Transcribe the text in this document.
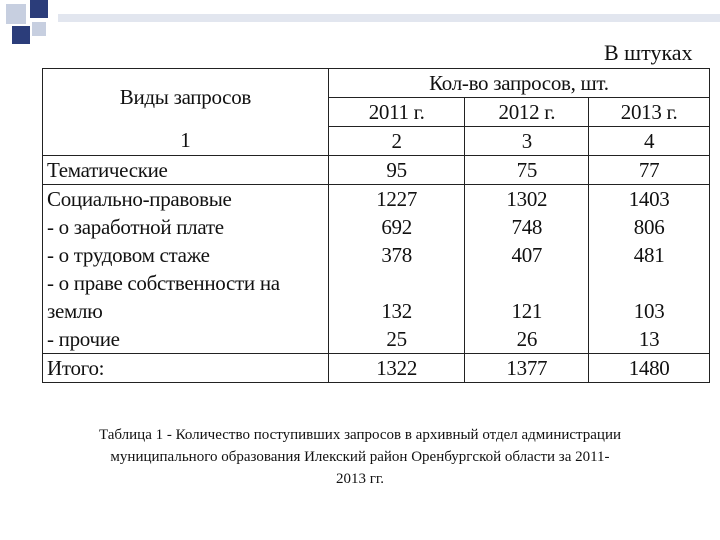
В штуках
Виды запросов	Кол-во запросов, шт.		
	2011 г.	2012 г.	2013 г.
1	2	3	4
Тематические	95	75	77
Социально-правовые	1227	1302	1403
- о заработной плате	692	748	806
- о трудовом стаже	378	407	481
- о праве собственности на			
землю	132	121	103
- прочие	25	26	13
Итого:	1322	1377	1480
Таблица 1 - Количество поступивших запросов в архивный отдел администрации
муниципального образования Илекский район Оренбургской области за 2011-
2013 гг.
